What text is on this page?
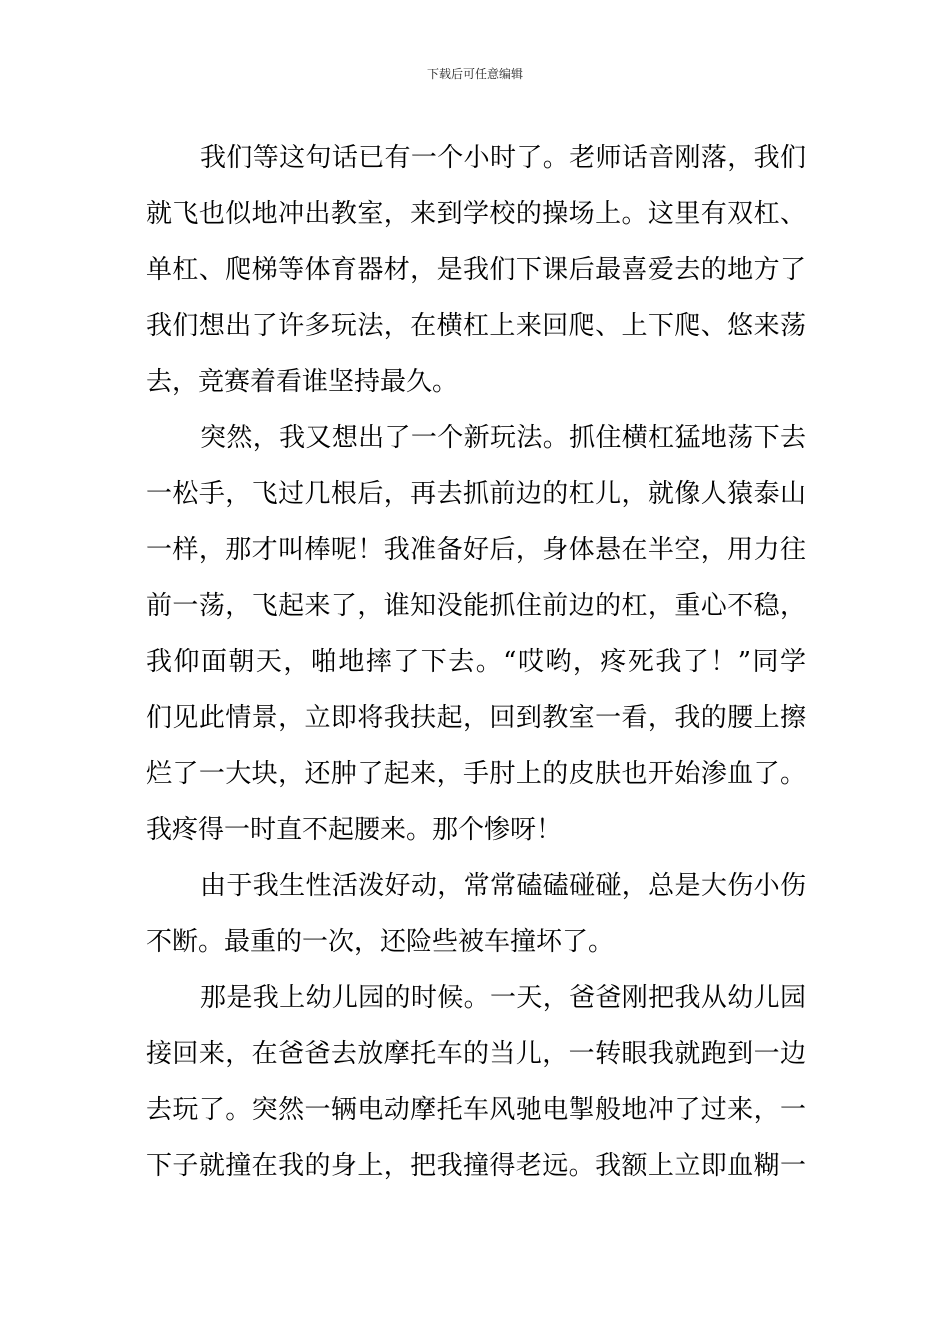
下载后可任意编辑
我们等这句话已有一个小时了。老师话音刚落，我们
就飞也似地冲出教室，来到学校的操场上。这里有双杠、
单杠、爬梯等体育器材，是我们下课后最喜爱去的地方了
我们想出了许多玩法，在横杠上来回爬、上下爬、悠来荡
去，竞赛着看谁坚持最久。
突然，我又想出了一个新玩法。抓住横杠猛地荡下去
一松手，飞过几根后，再去抓前边的杠儿，就像人猿泰山
一样，那才叫棒呢！我准备好后，身体悬在半空，用力往
前一荡，飞起来了，谁知没能抓住前边的杠，重心不稳，
我仰面朝天，啪地摔了下去。“哎哟，疼死我了！”同学
们见此情景，立即将我扶起，回到教室一看，我的腰上擦
烂了一大块，还肿了起来，手肘上的皮肤也开始渗血了。
我疼得一时直不起腰来。那个惨呀！
由于我生性活泼好动，常常磕磕碰碰，总是大伤小伤
不断。最重的一次，还险些被车撞坏了。
那是我上幼儿园的时候。一天，爸爸刚把我从幼儿园
接回来，在爸爸去放摩托车的当儿，一转眼我就跑到一边
去玩了。突然一辆电动摩托车风驰电掣般地冲了过来，一
下子就撞在我的身上，把我撞得老远。我额上立即血糊一
